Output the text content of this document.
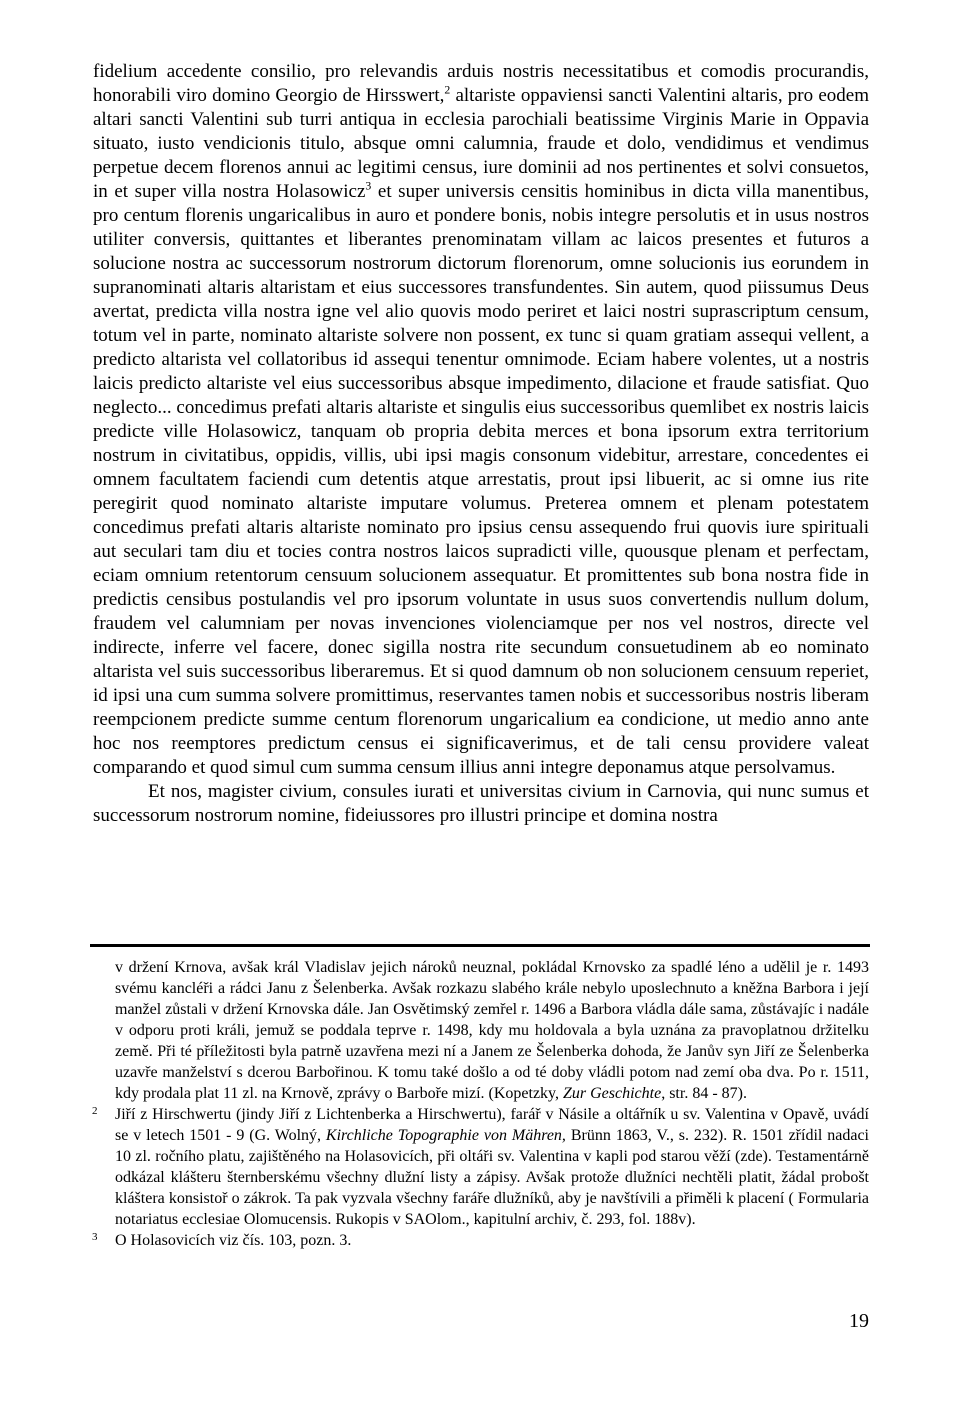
fidelium accedente consilio, pro relevandis arduis nostris necessitatibus et comodis procurandis, honorabili viro domino Georgio de Hirsswert,$^2$ altariste oppaviensi sancti Valentini altaris, pro eodem altari sancti Valentini sub turri antiqua in ecclesia parochiali beatissime Virginis Marie in Oppavia situato, iusto vendicionis titulo, absque omni calumnia, fraude et dolo, vendidimus et vendimus perpetue decem florenos annui ac legitimi census, iure dominii ad nos pertinentes et solvi consuetos, in et super villa nostra Holasowicz$^3$ et super universis censitis hominibus in dicta villa manentibus, pro centum florenis ungaricalibus in auro et pondere bonis, nobis integre persolutis et in usus nostros utiliter conversis, quittantes et liberantes prenominatam villam ac laicos presentes et futuros a solucione nostra ac successorum nostrorum dictorum florenorum, omne solucionis ius eorundem in supranominati altaris altaristam et eius successores transfundentes. Sin autem, quod piissumus Deus avertat, predicta villa nostra igne vel alio quovis modo periret et laici nostri suprascriptum censum, totum vel in parte, nominato altariste solvere non possent, ex tunc si quam gratiam assequi vellent, a predicto altarista vel collatoribus id assequi tenentur omnimode. Eciam habere volentes, ut a nostris laicis predicto altariste vel eius successoribus absque impedimento, dilacione et fraude satisfiat. Quo neglecto... concedimus prefati altaris altariste et singulis eius successoribus quemlibet ex nostris laicis predicte ville Holasowicz, tanquam ob propria debita merces et bona ipsorum extra territorium nostrum in civitatibus, oppidis, villis, ubi ipsi magis consonum videbitur, arrestare, concedentes ei omnem facultatem faciendi cum detentis atque arrestatis, prout ipsi libuerit, ac si omne ius rite peregirit quod nominato altariste imputare volumus. Preterea omnem et plenam potestatem concedimus prefati altaris altariste nominato pro ipsius censu assequendo frui quovis iure spirituali aut seculari tam diu et tocies contra nostros laicos supradicti ville, quousque plenam et perfectam, eciam omnium retentorum censuum solucionem assequatur. Et promittentes sub bona nostra fide in predictis censibus postulandis vel pro ipsorum voluntate in usus suos convertendis nullum dolum, fraudem vel calumniam per novas invenciones violenciamque per nos vel nostros, directe vel indirecte, inferre vel facere, donec sigilla nostra rite secundum consuetudinem ab eo nominato altarista vel suis successoribus liberaremus. Et si quod damnum ob non solucionem censuum reperiet, id ipsi una cum summa solvere promittimus, reservantes tamen nobis et successoribus nostris liberam reempcionem predicte summe centum florenorum ungaricalium ea condicione, ut medio anno ante hoc nos reemptores predictum census ei significaverimus, et de tali censu providere valeat comparando et quod simul cum summa censum illius anni integre deponamus atque persolvamus.

Et nos, magister civium, consules iurati et universitas civium in Carnovia, qui nunc sumus et successorum nostrorum nomine, fideiussores pro illustri principe et domina nostra

v držení Krnova, avšak král Vladislav jejich nároků neuznal, pokládal Krnovsko za spadlé léno a udělil je r. 1493 svému kancléři a rádci Janu z Šelenberka. Avšak rozkazu slabého krále nebylo uposlechnuto a kněžna Barbora i její manžel zůstali v držení Krnovska dále. Jan Osvětimský zemřel r. 1496 a Barbora vládla dále sama, zůstávajíc i nadále v odporu proti králi, jemuž se poddala teprve r. 1498, kdy mu holdovala a byla uznána za pravoplatnou držitelku země. Při té příležitosti byla patrně uzavřena mezi ní a Janem ze Šelenberka dohoda, že Janův syn Jiří ze Šelenberka uzavře manželství s dcerou Barbořinou. K tomu také došlo a od té doby vládli potom nad zemí oba dva. Po r. 1511, kdy prodala plat 11 zl. na Krnově, zprávy o Barboře mizí. (Kopetzky, Zur Geschichte, str. 84 - 87).

2 Jiří z Hirschwertu (jindy Jiří z Lichtenberka a Hirschwertu), farář v Násile a oltářník u sv. Valentina v Opavě, uvádí se v letech 1501 - 9 (G. Wolný, Kirchliche Topographie von Mähren, Brünn 1863, V., s. 232). R. 1501 zřídil nadaci 10 zl. ročního platu, zajištěného na Holasovicích, při oltáři sv. Valentina v kapli pod starou věží (zde). Testamentárně odkázal klášteru šternberskému všechny dlužní listy a zápisy. Avšak protože dlužníci nechtěli platit, žádal probošt kláštera konsistoř o zákrok. Ta pak vyzvala všechny faráře dlužníků, aby je navštívili a přiměli k placení ( Formularia notariatus ecclesiae Olomucensis. Rukopis v SAOlom., kapitulní archiv, č. 293, fol. 188v).

3 O Holasovicích viz čís. 103, pozn. 3.

19
